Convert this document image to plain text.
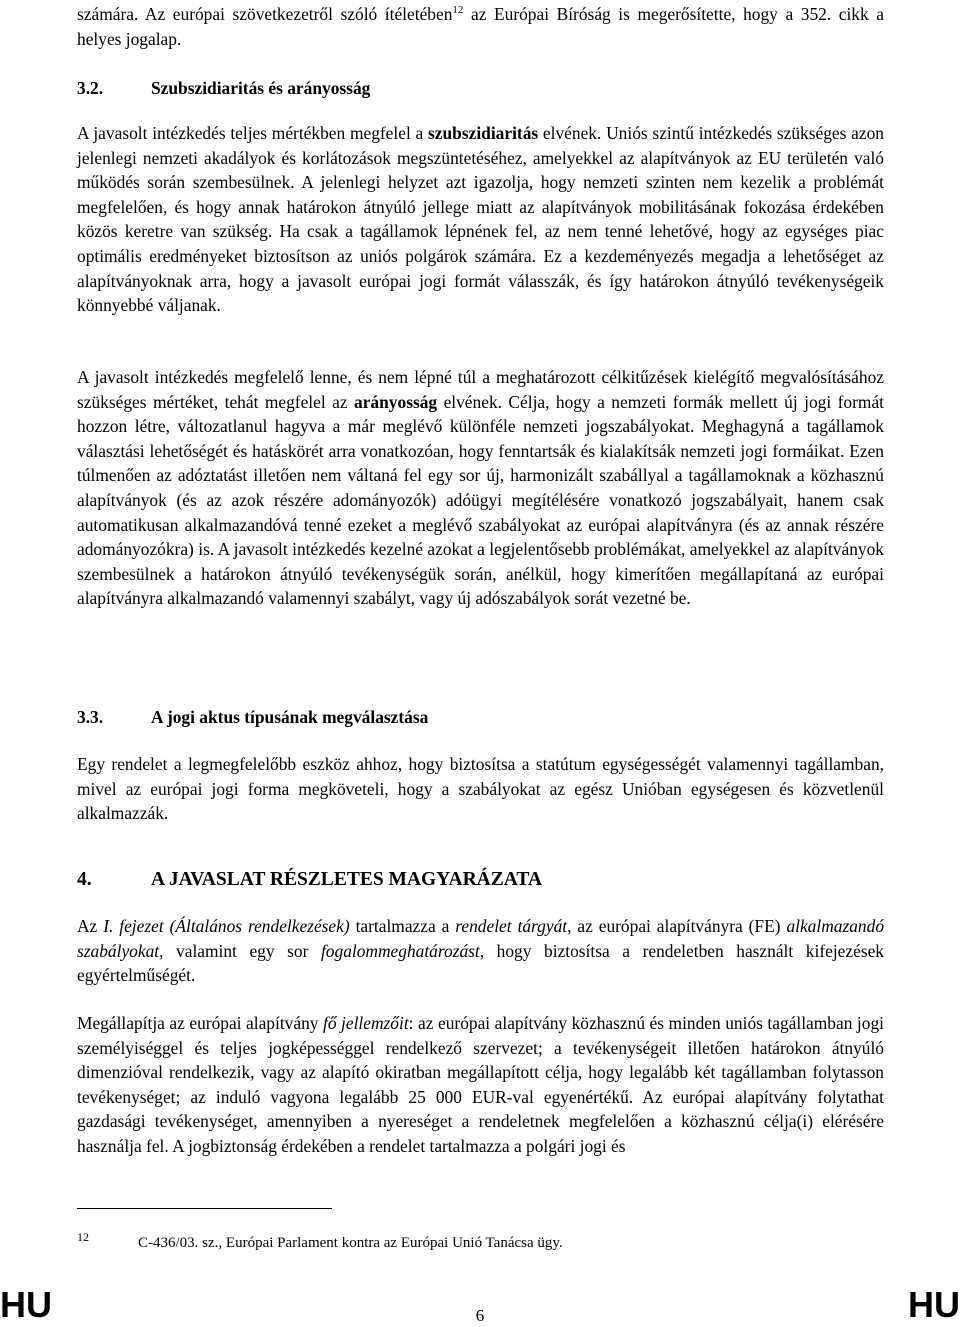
számára. Az európai szövetkezetről szóló ítéletében$^{12}$ az Európai Bíróság is megerősítette, hogy a 352. cikk a helyes jogalap.

3.2.	Szubszidiaritás és arányosság

A javasolt intézkedés teljes mértékben megfelel a szubszidiaritás elvének. Uniós szintű intézkedés szükséges azon jelenlegi nemzeti akadályok és korlátozások megszüntetéséhez, amelyekkel az alapítványok az EU területén való működés során szembesülnek. A jelenlegi helyzet azt igazolja, hogy nemzeti szinten nem kezelik a problémát megfelelően, és hogy annak határokon átnyúló jellege miatt az alapítványok mobilitásának fokozása érdekében közös keretre van szükség. Ha csak a tagállamok lépnének fel, az nem tenné lehetővé, hogy az egységes piac optimális eredményeket biztosítson az uniós polgárok számára. Ez a kezdeményezés megadja a lehetőséget az alapítványoknak arra, hogy a javasolt európai jogi formát válasszák, és így határokon átnyúló tevékenységeik könnyebbé váljanak.

A javasolt intézkedés megfelelő lenne, és nem lépné túl a meghatározott célkitűzések kielégítő megvalósításához szükséges mértéket, tehát megfelel az arányosság elvének. Célja, hogy a nemzeti formák mellett új jogi formát hozzon létre, változatlanul hagyva a már meglévő különféle nemzeti jogszabályokat. Meghagyná a tagállamok választási lehetőségét és hatáskörét arra vonatkozóan, hogy fenntartsák és kialakítsák nemzeti jogi formáikat. Ezen túlmenően az adóztatást illetően nem váltaná fel egy sor új, harmonizált szabállyal a tagállamoknak a közhasznú alapítványok (és az azok részére adományozók) adóügyi megítélésére vonatkozó jogszabályait, hanem csak automatikusan alkalmazandóvá tenné ezeket a meglévő szabályokat az európai alapítványra (és az annak részére adományozókra) is. A javasolt intézkedés kezelné azokat a legjelentősebb problémákat, amelyekkel az alapítványok szembesülnek a határokon átnyúló tevékenységük során, anélkül, hogy kimerítően megállapítaná az európai alapítványra alkalmazandó valamennyi szabályt, vagy új adószabályok sorát vezetné be.

3.3.	A jogi aktus típusának megválasztása

Egy rendelet a legmegfelelőbb eszköz ahhoz, hogy biztosítsa a statútum egységességét valamennyi tagállamban, mivel az európai jogi forma megköveteli, hogy a szabályokat az egész Unióban egységesen és közvetlenül alkalmazzák.

4.	A JAVASLAT RÉSZLETES MAGYARÁZATA

Az I. fejezet (Általános rendelkezések) tartalmazza a rendelet tárgyát, az európai alapítványra (FE) alkalmazandó szabályokat, valamint egy sor fogalommeghatározást, hogy biztosítsa a rendeletben használt kifejezések egyértelműségét.

Megállapítja az európai alapítvány fő jellemzőit: az európai alapítvány közhasznú és minden uniós tagállamban jogi személyiséggel és teljes jogképességgel rendelkező szervezet; a tevékenységeit illetően határokon átnyúló dimenzióval rendelkezik, vagy az alapító okiratban megállapított célja, hogy legalább két tagállamban folytasson tevékenységet; az induló vagyona legalább 25 000 EUR-val egyenértékű. Az európai alapítvány folytathat gazdasági tevékenységet, amennyiben a nyereséget a rendeletnek megfelelően a közhasznú célja(i) elérésére használja fel. A jogbiztonság érdekében a rendelet tartalmazza a polgári jogi és

12	C-436/03. sz., Európai Parlament kontra az Európai Unió Tanácsa ügy.
HU	6	HU
